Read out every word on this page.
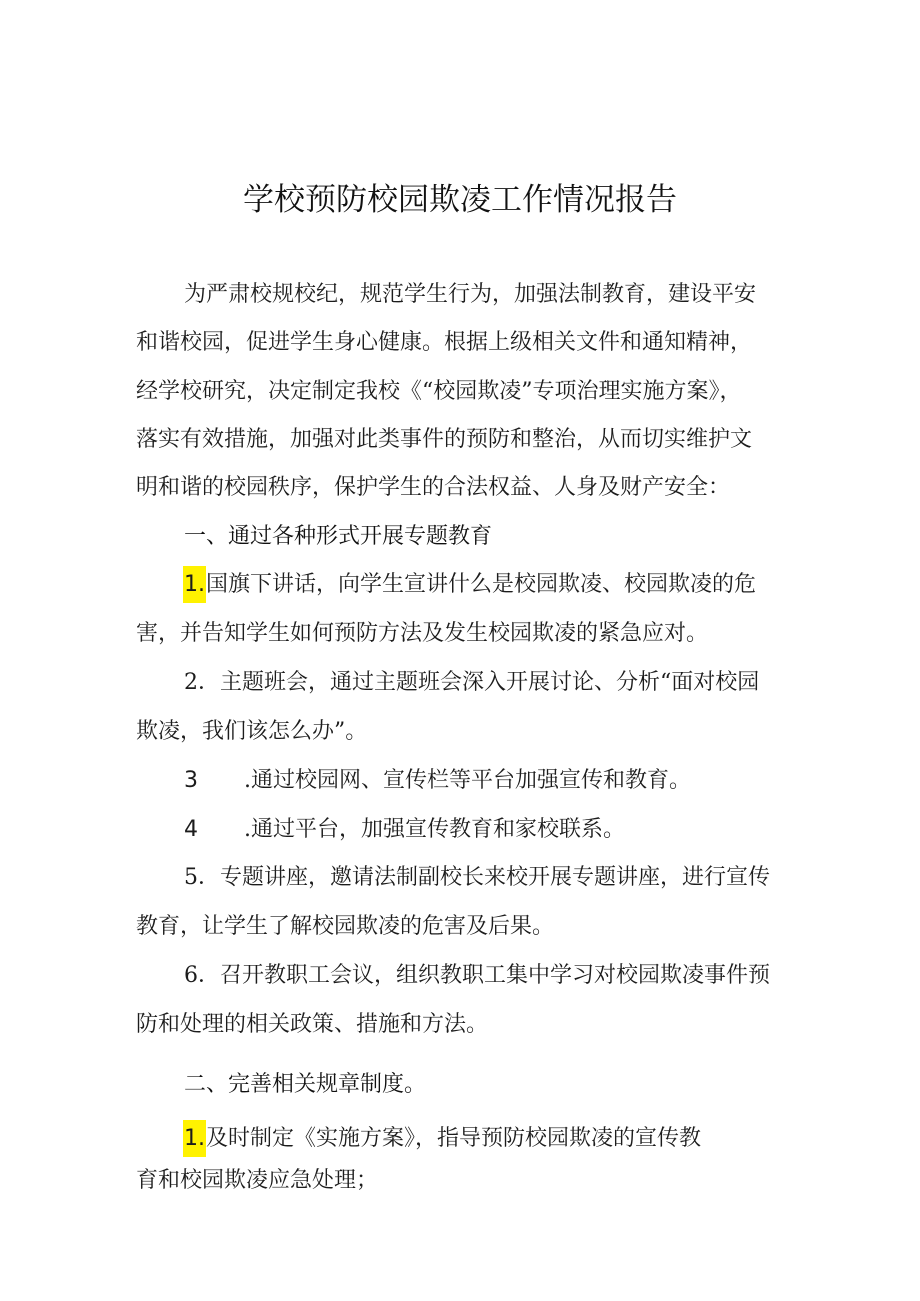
学校预防校园欺凌工作情况报告
为严肃校规校纪，规范学生行为，加强法制教育，建设平安
和谐校园，促进学生身心健康。根据上级相关文件和通知精神，
经学校研究，决定制定我校《“校园欺凌”专项治理实施方案》，
落实有效措施，加强对此类事件的预防和整治，从而切实维护文
明和谐的校园秩序，保护学生的合法权益、人身及财产安全：
一、通过各种形式开展专题教育
1.国旗下讲话，向学生宣讲什么是校园欺凌、校园欺凌的危
害，并告知学生如何预防方法及发生校园欺凌的紧急应对。
2．主题班会，通过主题班会深入开展讨论、分析“面对校园
欺凌，我们该怎么办”。
3 .通过校园网、宣传栏等平台加强宣传和教育。
4 .通过平台，加强宣传教育和家校联系。
5．专题讲座，邀请法制副校长来校开展专题讲座，进行宣传
教育，让学生了解校园欺凌的危害及后果。
6．召开教职工会议，组织教职工集中学习对校园欺凌事件预
防和处理的相关政策、措施和方法。
二、完善相关规章制度。
1.及时制定《实施方案》，指导预防校园欺凌的宣传教
育和校园欺凌应急处理；
